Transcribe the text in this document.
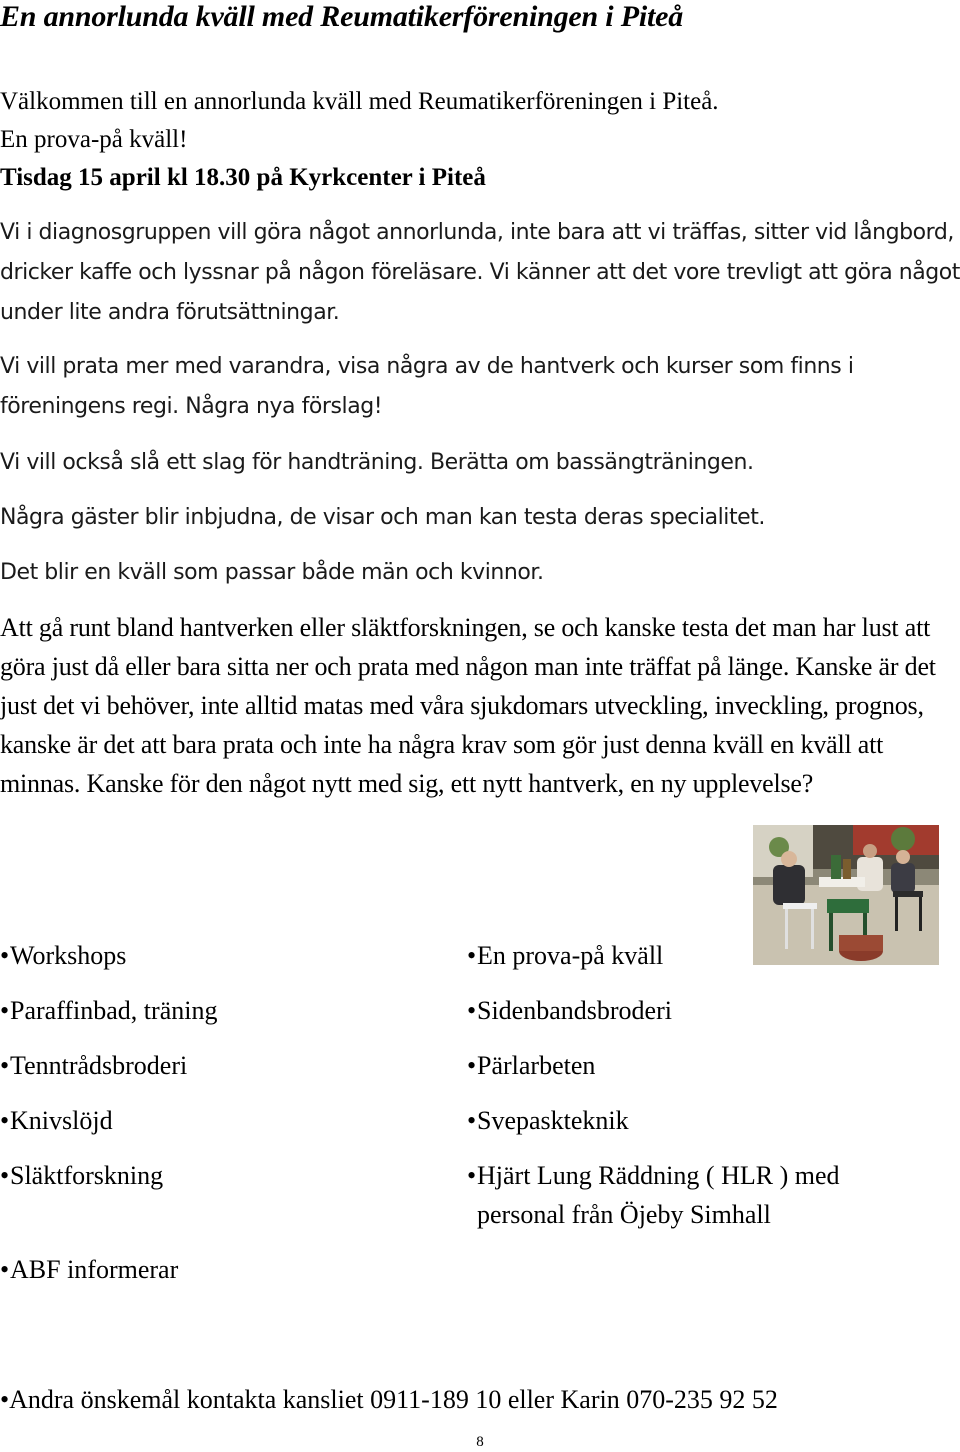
En annorlunda kväll med Reumatikerföreningen i Piteå
Välkommen till en annorlunda kväll med Reumatikerföreningen i Piteå.
En prova-på kväll!
Tisdag 15 april kl 18.30 på Kyrkcenter i Piteå
Vi i diagnosgruppen vill göra något annorlunda, inte bara att vi träffas, sitter vid långbord, dricker kaffe och lyssnar på någon föreläsare. Vi känner att det vore trevligt att göra något under lite andra förutsättningar.
Vi vill prata mer med varandra, visa några av de hantverk och kurser som finns i föreningens regi. Några nya förslag!
Vi vill också slå ett slag för handträning. Berätta om bassängträningen.
Några gäster blir inbjudna, de visar och man kan testa deras specialitet.
Det blir en kväll som passar både män och kvinnor.
Att gå runt bland hantverken eller släktforskningen, se och kanske testa det man har lust att göra just då eller bara sitta ner och prata med någon man inte träffat på länge. Kanske är det just det vi behöver, inte alltid matas med våra sjukdomars utveckling, inveckling, prognos, kanske är det att bara prata och inte ha några krav som gör just denna kväll en kväll att minnas. Kanske för den något nytt med sig, ett nytt hantverk, en ny upplevelse?
•Workshops
•Paraffinbad, träning
•Tenntrådsbroderi
•Knivslöjd
•Släktforskning
•ABF informerar
•En prova-på kväll
•Sidenbandsbroderi
•Pärlarbeten
•Svepaskteknik
•Hjärt Lung Räddning ( HLR ) med
personal från Öjeby Simhall
•Andra önskemål kontakta kansliet 0911-189 10 eller Karin 070-235 92 52
8
